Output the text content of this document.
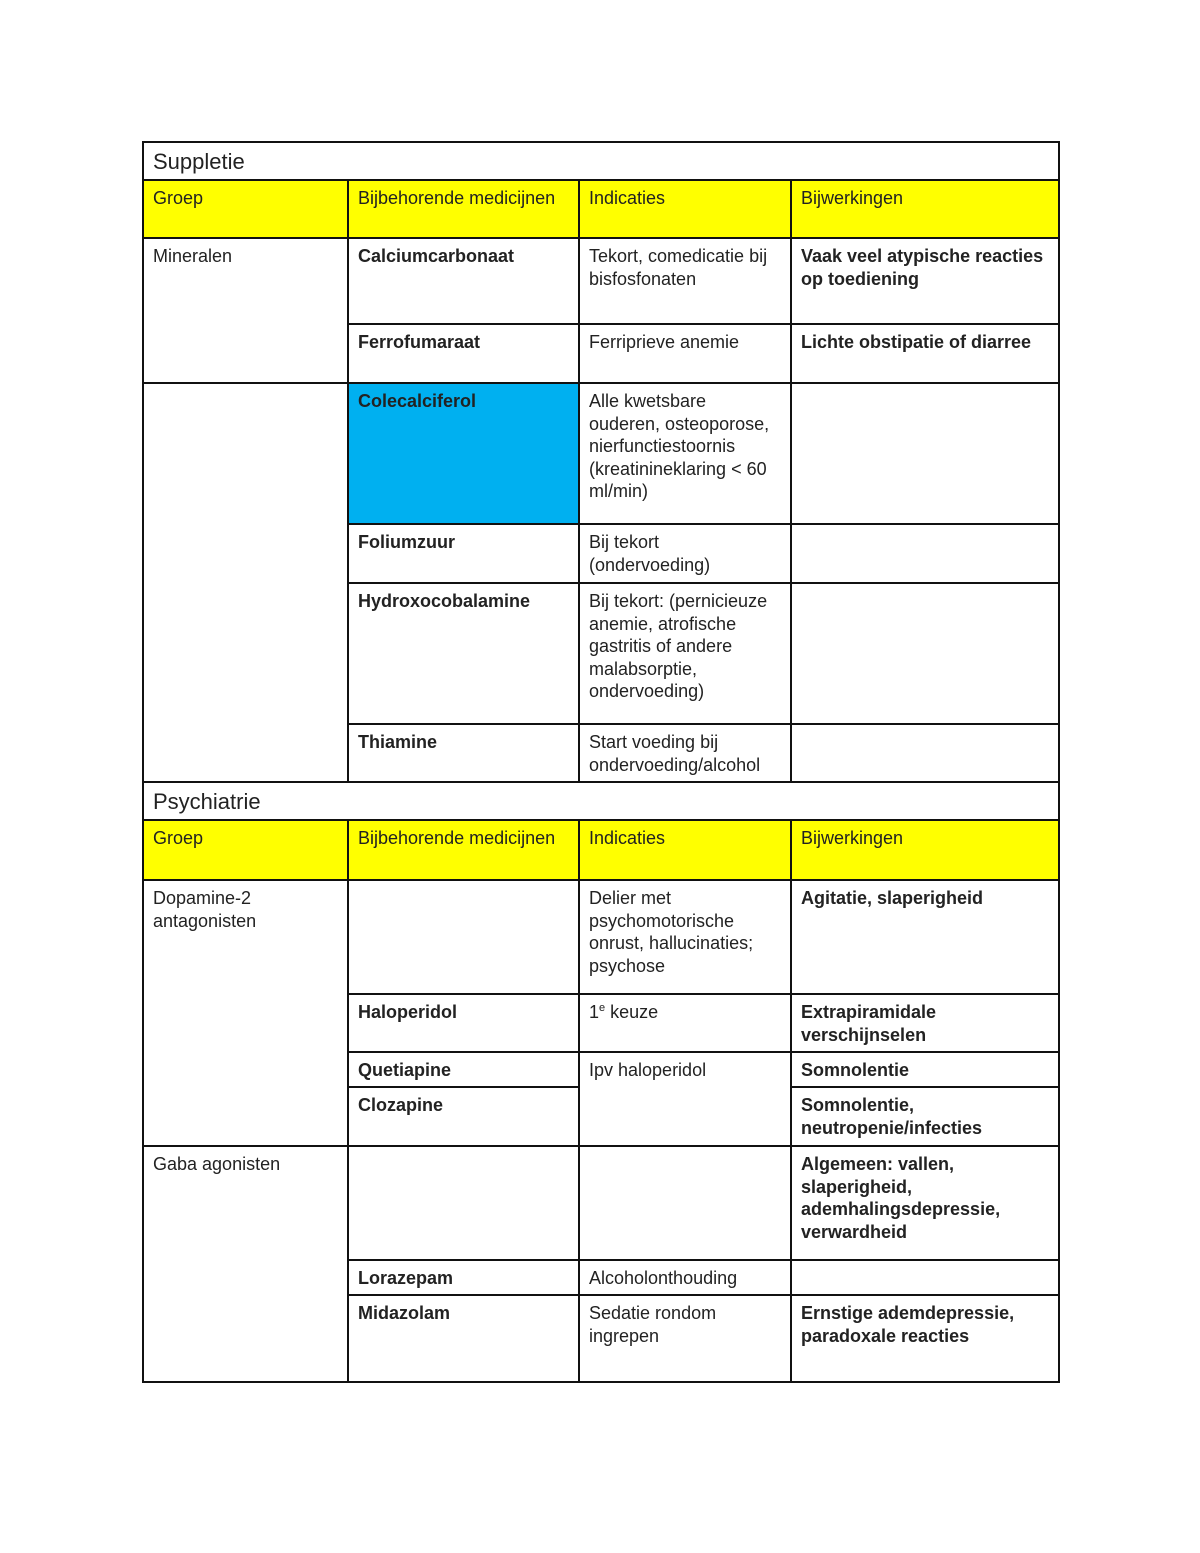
Suppletie			
Groep	Bijbehorende medicijnen	Indicaties	Bijwerkingen
Mineralen	Calciumcarbonaat	Tekort, comedicatie bij bisfosfonaten	Vaak veel atypische reacties op toediening
	Ferrofumaraat	Ferriprieve anemie	Lichte obstipatie of diarree
	Colecalciferol	Alle kwetsbare ouderen, osteoporose, nierfunctiestoornis (kreatinineklaring < 60 ml/min)	
	Foliumzuur	Bij tekort (ondervoeding)	
	Hydroxocobalamine	Bij tekort: (pernicieuze anemie, atrofische gastritis of andere malabsorptie, ondervoeding)	
	Thiamine	Start voeding bij ondervoeding/alcohol	
Psychiatrie			
Groep	Bijbehorende medicijnen	Indicaties	Bijwerkingen
Dopamine-2 antagonisten		Delier met psychomotorische onrust, hallucinaties; psychose	Agitatie, slaperigheid
	Haloperidol	1e keuze	Extrapiramidale verschijnselen
	Quetiapine	Ipv haloperidol	Somnolentie
	Clozapine		Somnolentie, neutropenie/infecties
Gaba agonisten			Algemeen: vallen, slaperigheid, ademhalingsdepressie, verwardheid
	Lorazepam	Alcoholonthouding	
	Midazolam	Sedatie rondom ingrepen	Ernstige ademdepressie, paradoxale reacties
